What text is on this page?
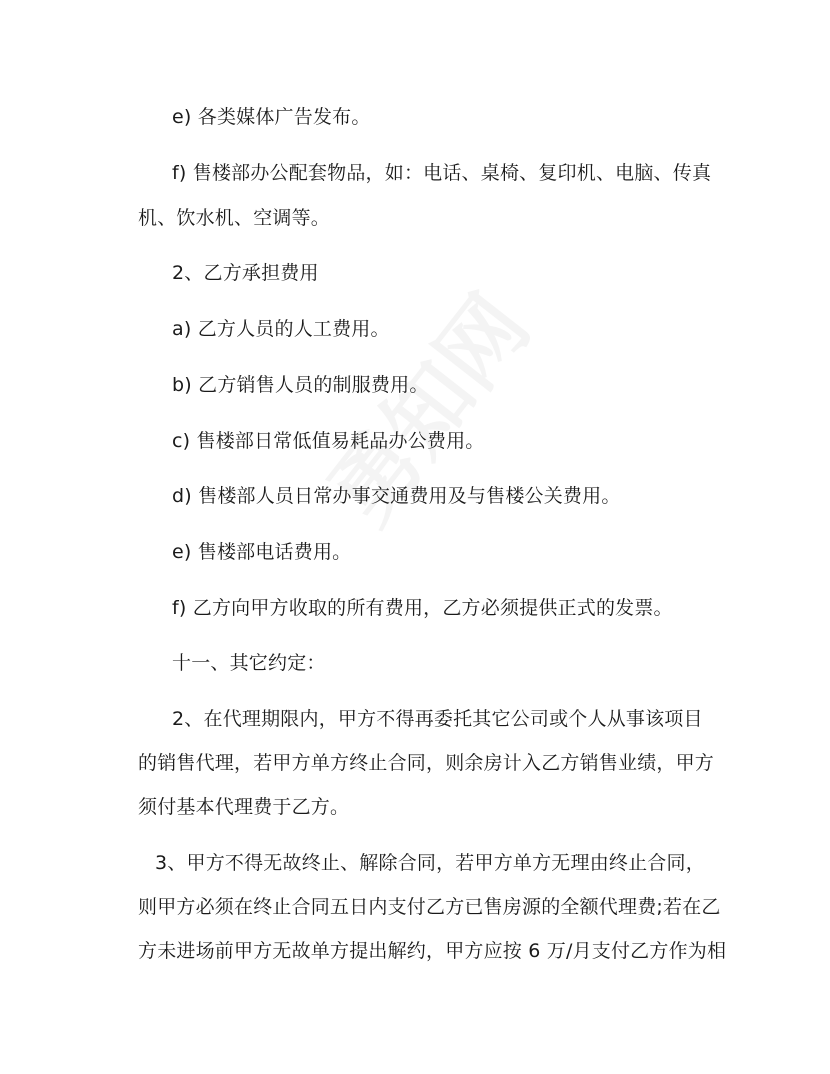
e) 各类媒体广告发布。
f) 售楼部办公配套物品，如：电话、桌椅、复印机、电脑、传真
机、饮水机、空调等。
2、乙方承担费用
a) 乙方人员的人工费用。
b) 乙方销售人员的制服费用。
c) 售楼部日常低值易耗品办公费用。
d) 售楼部人员日常办事交通费用及与售楼公关费用。
e) 售楼部电话费用。
f) 乙方向甲方收取的所有费用，乙方必须提供正式的发票。
十一、其它约定：
2、在代理期限内，甲方不得再委托其它公司或个人从事该项目
的销售代理，若甲方单方终止合同，则余房计入乙方销售业绩，甲方
须付基本代理费于乙方。
3、甲方不得无故终止、解除合同，若甲方单方无理由终止合同，
则甲方必须在终止合同五日内支付乙方已售房源的全额代理费;若在乙
方未进场前甲方无故单方提出解约，甲方应按 6 万/月支付乙方作为相
